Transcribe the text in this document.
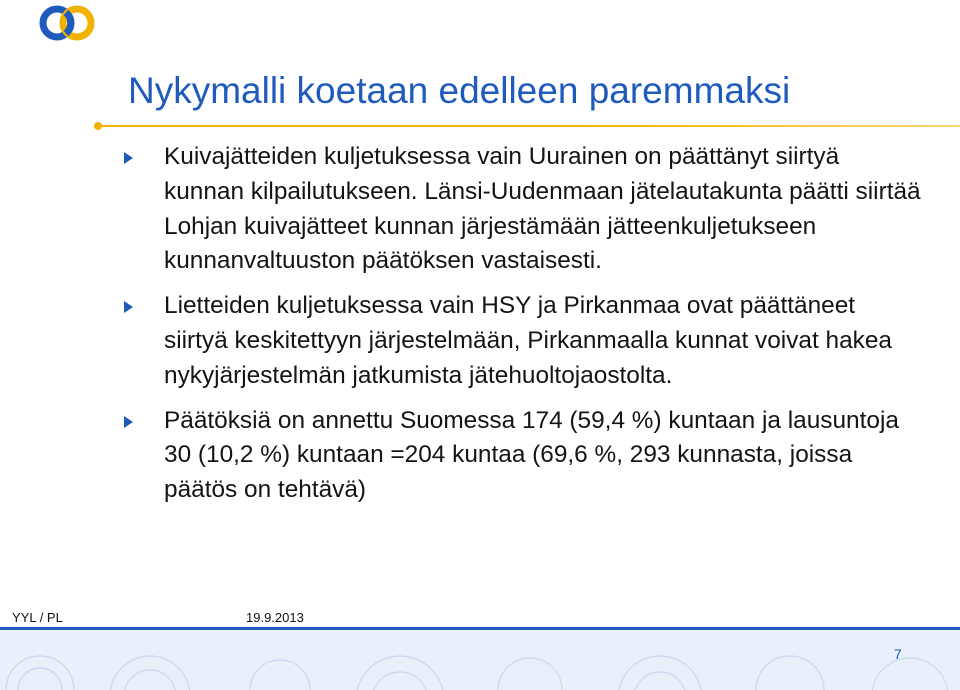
Nykymalli koetaan edelleen paremmaksi
Kuivajätteiden kuljetuksessa vain Uurainen on päättänyt siirtyä kunnan kilpailutukseen. Länsi-Uudenmaan jätelautakunta päätti siirtää Lohjan kuivajätteet kunnan järjestämään jätteenkuljetukseen kunnanvaltuuston päätöksen vastaisesti.
Lietteiden kuljetuksessa vain HSY ja Pirkanmaa ovat päättäneet siirtyä keskitettyyn järjestelmään, Pirkanmaalla kunnat voivat hakea nykyjärjestelmän jatkumista jätehuoltojaostolta.
Päätöksiä on annettu Suomessa 174 (59,4 %) kuntaan ja lausuntoja 30 (10,2 %) kuntaan =204 kuntaa (69,6 %, 293 kunnasta, joissa päätös on tehtävä)
YYL / PL	19.9.2013
7
